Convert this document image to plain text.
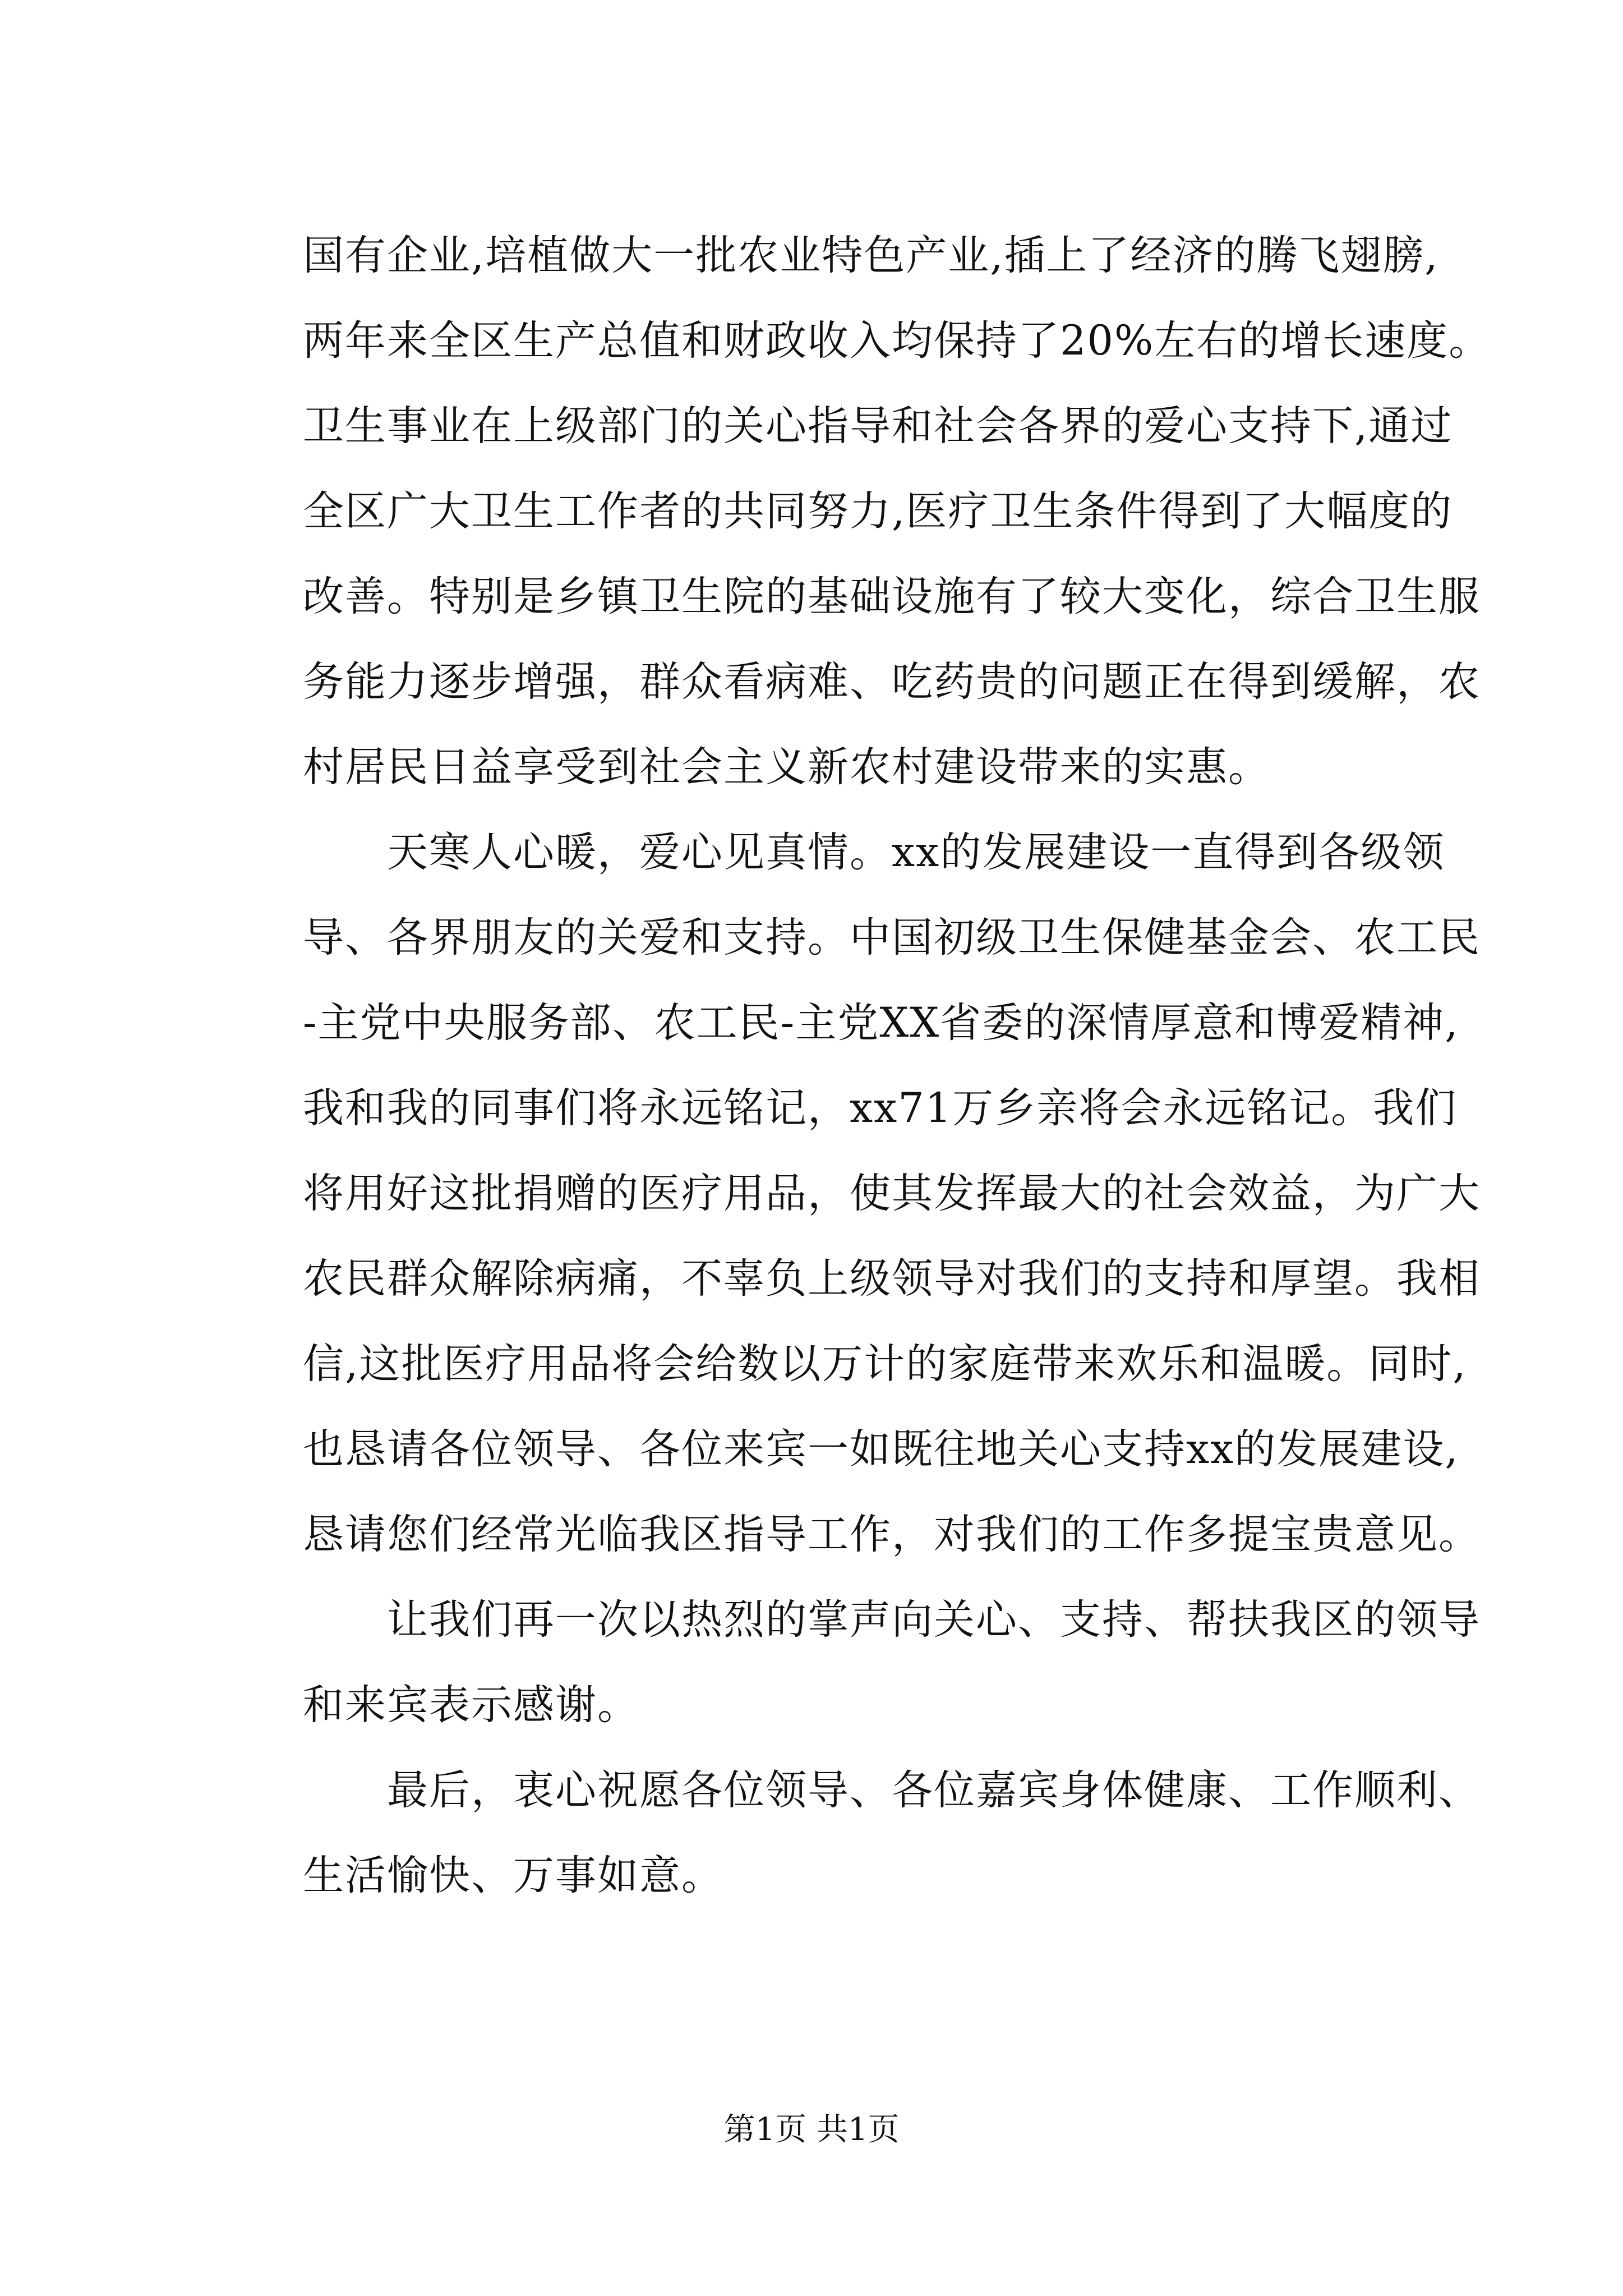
国有企业,培植做大一批农业特色产业,插上了经济的腾飞翅膀,
两年来全区生产总值和财政收入均保持了20%左右的增长速度。
卫生事业在上级部门的关心指导和社会各界的爱心支持下,通过
全区广大卫生工作者的共同努力,医疗卫生条件得到了大幅度的
改善。特别是乡镇卫生院的基础设施有了较大变化，综合卫生服
务能力逐步增强，群众看病难、吃药贵的问题正在得到缓解，农
村居民日益享受到社会主义新农村建设带来的实惠。
天寒人心暖，爱心见真情。xx的发展建设一直得到各级领
导、各界朋友的关爱和支持。中国初级卫生保健基金会、农工民
-主党中央服务部、农工民-主党XX省委的深情厚意和博爱精神,
我和我的同事们将永远铭记，xx71万乡亲将会永远铭记。我们
将用好这批捐赠的医疗用品，使其发挥最大的社会效益，为广大
农民群众解除病痛，不辜负上级领导对我们的支持和厚望。我相
信,这批医疗用品将会给数以万计的家庭带来欢乐和温暖。同时,
也恳请各位领导、各位来宾一如既往地关心支持xx的发展建设,
恳请您们经常光临我区指导工作，对我们的工作多提宝贵意见。
让我们再一次以热烈的掌声向关心、支持、帮扶我区的领导
和来宾表示感谢。
最后，衷心祝愿各位领导、各位嘉宾身体健康、工作顺利、
生活愉快、万事如意。
第1页 共1页
